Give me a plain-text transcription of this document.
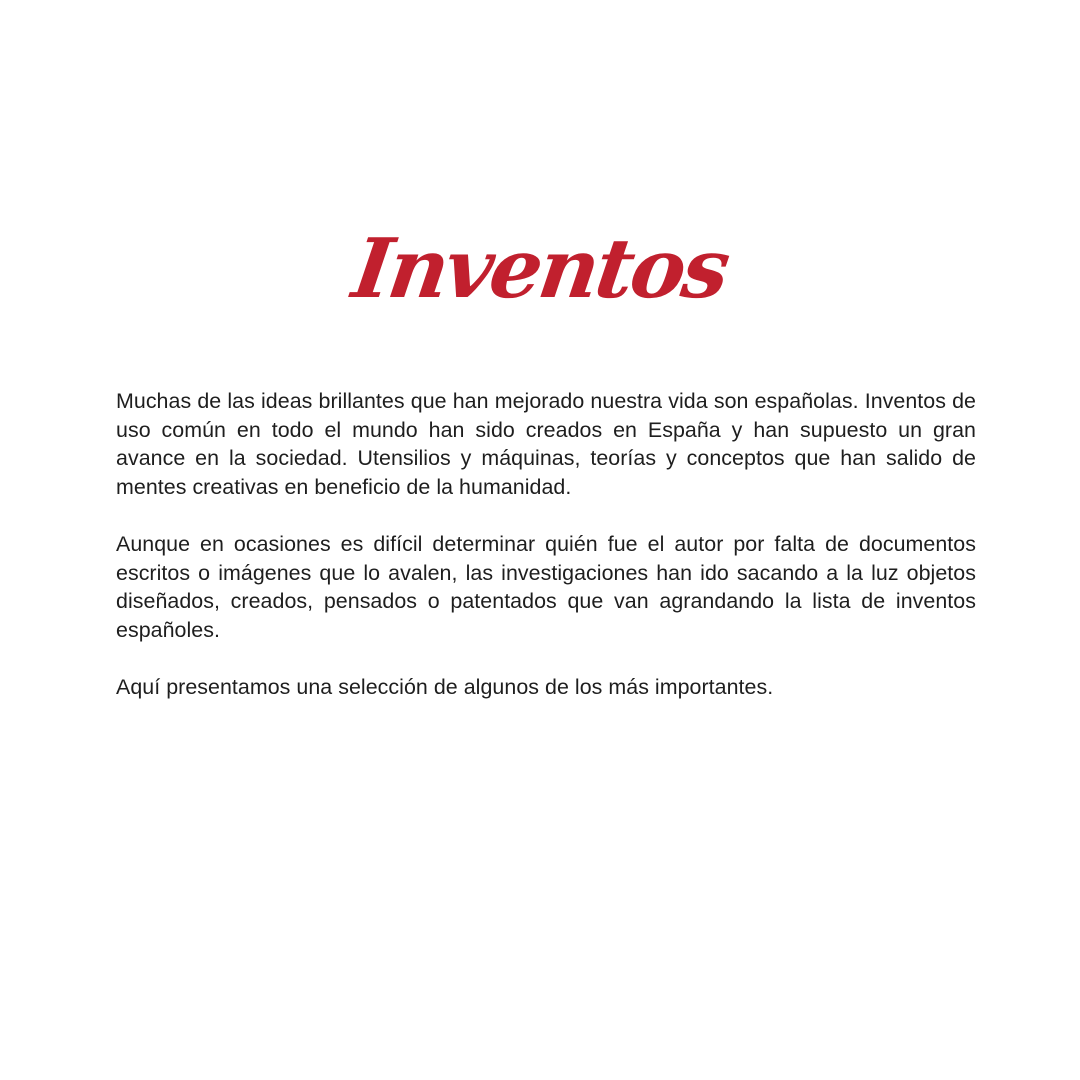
Inventos

Muchas de las ideas brillantes que han mejorado nuestra vida son españolas. Inventos de uso común en todo el mundo han sido creados en España y han supuesto un gran avance en la sociedad. Utensilios y máquinas, teorías y conceptos que han salido de mentes creativas en beneficio de la humanidad.

Aunque en ocasiones es difícil determinar quién fue el autor por falta de documentos escritos o imágenes que lo avalen, las investigaciones han ido sacando a la luz objetos diseñados, creados, pensados o patentados que van agrandando la lista de inventos españoles.

Aquí presentamos una selección de algunos de los más importantes.
